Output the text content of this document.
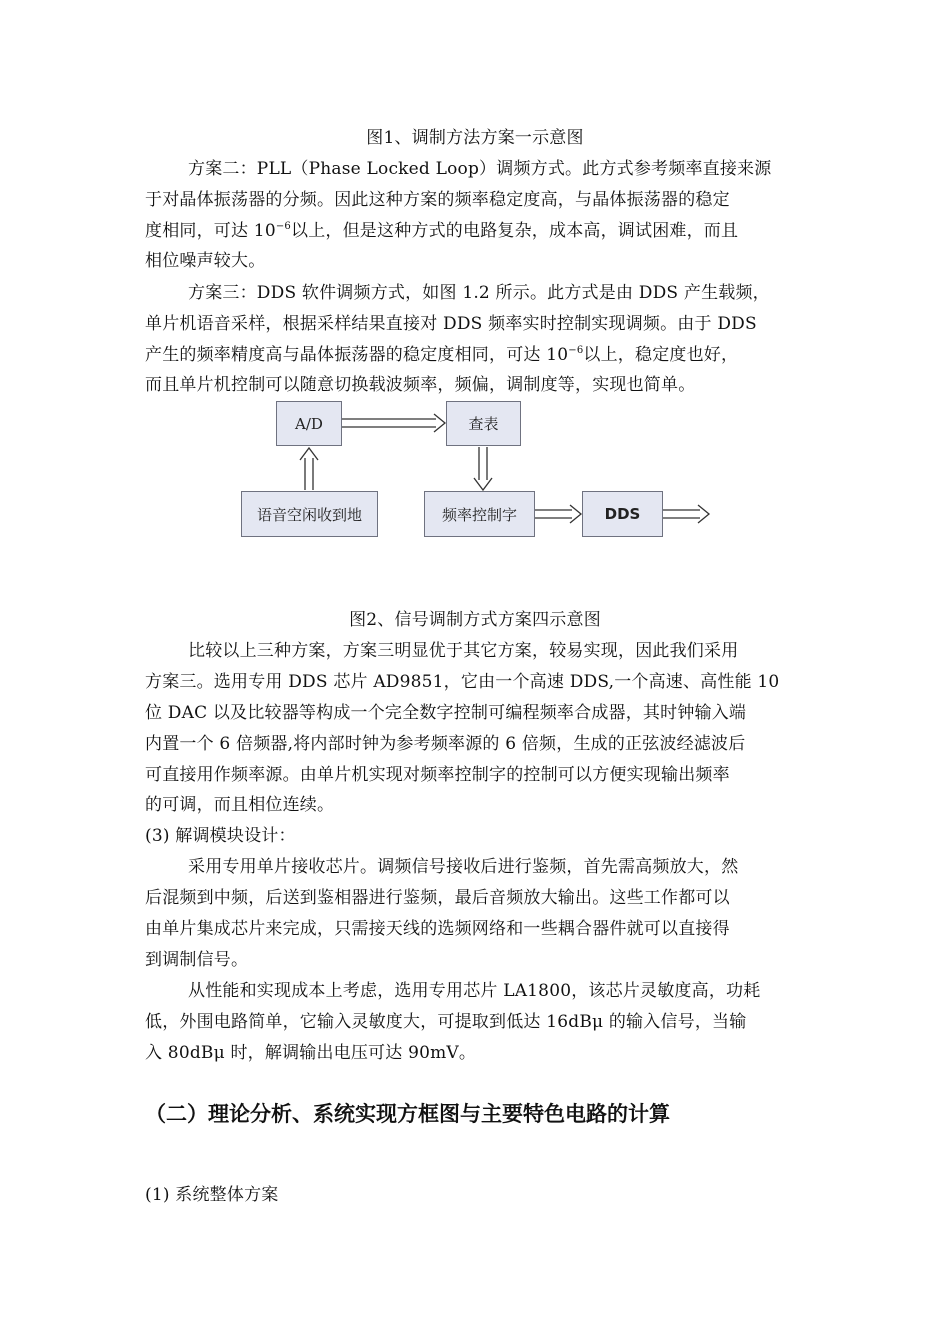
图1、调制方法方案一示意图
方案二：PLL（Phase Locked Loop）调频方式。此方式参考频率直接来源
于对晶体振荡器的分频。因此这种方案的频率稳定度高，与晶体振荡器的稳定
度相同，可达 $10^{-6}$以上，但是这种方式的电路复杂，成本高，调试困难，而且
相位噪声较大。
方案三：DDS 软件调频方式，如图 1.2 所示。此方式是由 DDS 产生载频，
单片机语音采样，根据采样结果直接对 DDS 频率实时控制实现调频。由于 DDS
产生的频率精度高与晶体振荡器的稳定度相同，可达 $10^{-6}$以上，稳定度也好，
而且单片机控制可以随意切换载波频率，频偏，调制度等，实现也简单。
A/D	查表
语音空闲收到地	频率控制字	DDS
图2、信号调制方式方案四示意图
比较以上三种方案，方案三明显优于其它方案，较易实现，因此我们采用
方案三。选用专用 DDS 芯片 AD9851，它由一个高速 DDS,一个高速、高性能 10
位 DAC 以及比较器等构成一个完全数字控制可编程频率合成器，其时钟输入端
内置一个 6 倍频器,将内部时钟为参考频率源的 6 倍频，生成的正弦波经滤波后
可直接用作频率源。由单片机实现对频率控制字的控制可以方便实现输出频率
的可调，而且相位连续。
(3) 解调模块设计：
采用专用单片接收芯片。调频信号接收后进行鉴频，首先需高频放大，然
后混频到中频，后送到鉴相器进行鉴频，最后音频放大输出。这些工作都可以
由单片集成芯片来完成，只需接天线的选频网络和一些耦合器件就可以直接得
到调制信号。
从性能和实现成本上考虑，选用专用芯片 LA1800，该芯片灵敏度高，功耗
低，外围电路简单，它输入灵敏度大，可提取到低达 16dBμ 的输入信号，当输
入 80dBμ 时，解调输出电压可达 90mV。
（二）理论分析、系统实现方框图与主要特色电路的计算
(1) 系统整体方案
